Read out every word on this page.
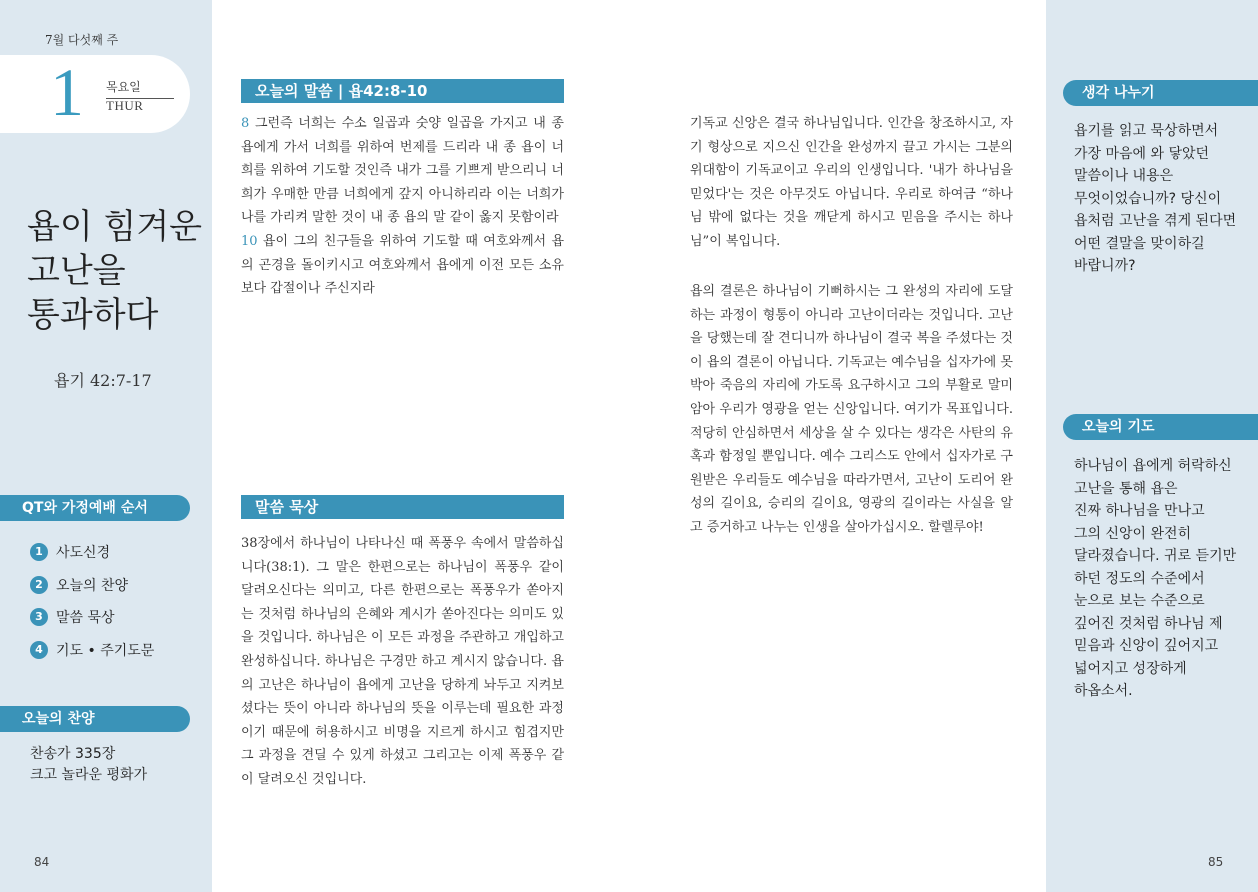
7월 다섯째 주
1 목요일
THUR
욥이 힘겨운
고난을
통과하다
욥기 42:7-17
QT와 가정예배 순서
1 사도신경
2 오늘의 찬양
3 말씀 묵상
4 기도 • 주기도문
오늘의 찬양
찬송가 335장
크고 놀라운 평화가
84
오늘의 말씀 | 욥42:8-10

8 그런즉 너희는 수소 일곱과 숫양 일곱을 가지고 내 종 욥에게 가서 너희를 위하여 번제를 드리라 내 종 욥이 너희를 위하여 기도할 것인즉 내가 그를 기쁘게 받으리니 너희가 우매한 만큼 너희에게 갚지 아니하리라 이는 너희가 나를 가리켜 말한 것이 내 종 욥의 말 같이 옳지 못함이라
10 욥이 그의 친구들을 위하여 기도할 때 여호와께서 욥의 곤경을 돌이키시고 여호와께서 욥에게 이전 모든 소유보다 갑절이나 주신지라

말씀 묵상

38장에서 하나님이 나타나신 때 폭풍우 속에서 말씀하십니다(38:1). 그 말은 한편으로는 하나님이 폭풍우 같이 달려오신다는 의미고, 다른 한편으로는 폭풍우가 쏟아지는 것처럼 하나님의 은혜와 계시가 쏟아진다는 의미도 있을 것입니다. 하나님은 이 모든 과정을 주관하고 개입하고 완성하십니다. 하나님은 구경만 하고 계시지 않습니다. 욥의 고난은 하나님이 욥에게 고난을 당하게 놔두고 지켜보셨다는 뜻이 아니라 하나님의 뜻을 이루는데 필요한 과정이기 때문에 허용하시고 비명을 지르게 하시고 힘겹지만 그 과정을 견딜 수 있게 하셨고 그리고는 이제 폭풍우 같이 달려오신 것입니다.

기독교 신앙은 결국 하나님입니다. 인간을 창조하시고, 자기 형상으로 지으신 인간을 완성까지 끌고 가시는 그분의 위대함이 기독교이고 우리의 인생입니다. '내가 하나님을 믿었다'는 것은 아무것도 아닙니다. 우리로 하여금 “하나님 밖에 없다는 것을 깨닫게 하시고 믿음을 주시는 하나님”이 복입니다.

욥의 결론은 하나님이 기뻐하시는 그 완성의 자리에 도달하는 과정이 형통이 아니라 고난이더라는 것입니다. 고난을 당했는데 잘 견디니까 하나님이 결국 복을 주셨다는 것이 욥의 결론이 아닙니다. 기독교는 예수님을 십자가에 못 박아 죽음의 자리에 가도록 요구하시고 그의 부활로 말미암아 우리가 영광을 얻는 신앙입니다. 여기가 목표입니다. 적당히 안심하면서 세상을 살 수 있다는 생각은 사탄의 유혹과 함정일 뿐입니다. 예수 그리스도 안에서 십자가로 구원받은 우리들도 예수님을 따라가면서, 고난이 도리어 완성의 길이요, 승리의 길이요, 영광의 길이라는 사실을 알고 증거하고 나누는 인생을 살아가십시오. 할렐루야!

생각 나누기

욥기를 읽고 묵상하면서
가장 마음에 와 닿았던
말씀이나 내용은
무엇이었습니까? 당신이
욥처럼 고난을 겪게 된다면
어떤 결말을 맞이하길
바랍니까?

오늘의 기도

하나님이 욥에게 허락하신
고난을 통해 욥은
진짜 하나님을 만나고
그의 신앙이 완전히
달라졌습니다. 귀로 듣기만
하던 정도의 수준에서
눈으로 보는 수준으로
깊어진 것처럼 하나님 제
믿음과 신앙이 깊어지고
넓어지고 성장하게
하옵소서.

85
